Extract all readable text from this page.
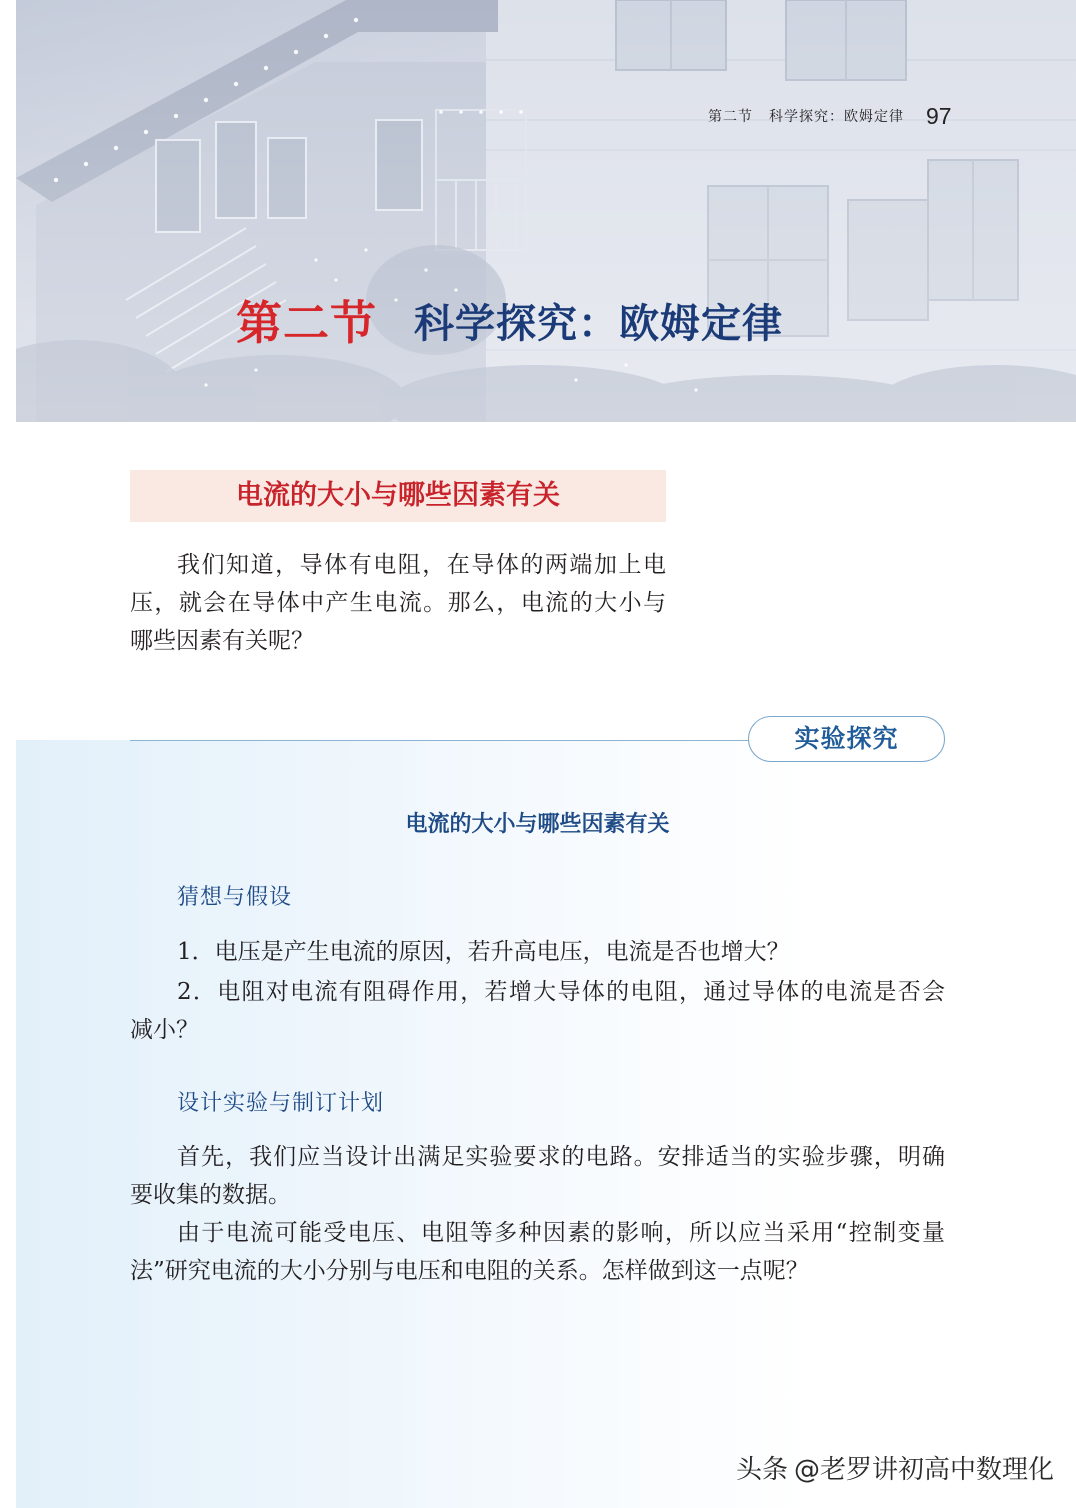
第二节 科学探究：欧姆定律 97
第二节 科学探究：欧姆定律
电流的大小与哪些因素有关
我们知道，导体有电阻，在导体的两端加上电
压，就会在导体中产生电流。那么，电流的大小与
哪些因素有关呢？
实验探究
电流的大小与哪些因素有关
猜想与假设
1．电压是产生电流的原因，若升高电压，电流是否也增大？
2．电阻对电流有阻碍作用，若增大导体的电阻，通过导体的电流是否会
减小？
设计实验与制订计划
首先，我们应当设计出满足实验要求的电路。安排适当的实验步骤，明确
要收集的数据。
由于电流可能受电压、电阻等多种因素的影响，所以应当采用“控制变量
法”研究电流的大小分别与电压和电阻的关系。怎样做到这一点呢？
头条 @老罗讲初高中数理化
